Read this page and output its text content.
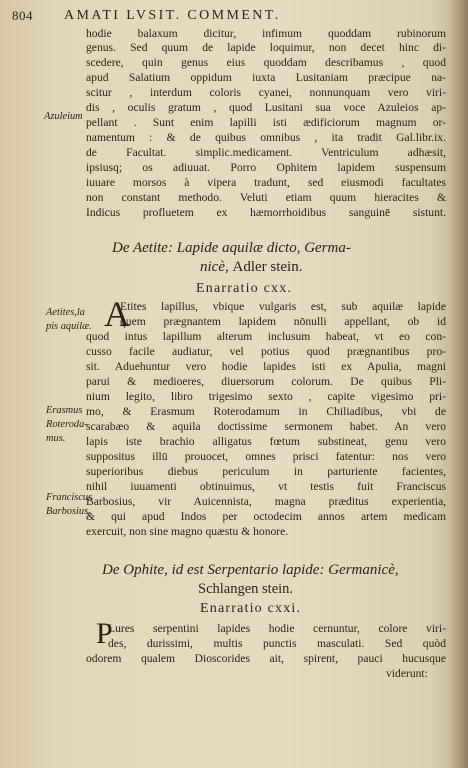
804 AMATI LVSIT. COMMENT.
hodie balaxum dicitur, infimum quoddam rubinorum
genus. Sed quum de lapide loquimur, non decet hinc di-
scedere, quin genus eius quoddam describamus , quod
apud Salatium oppidum iuxta Lusitaniam præcipue na-
scitur , interdum coloris cyanei, nonnunquam vero viri-
dis , oculis gratum , quod Lusitani sua voce Azuleios ap-
pellant . Sunt enim lapilli isti ædificiorum magnum or-
namentum : & de quibus omnibus , ita tradit Gal.libr.ix.
de Facultat. simplic.medicament. Ventriculum adhæsit,
ipsiusq; os adiuuat. Porro Ophitem lapidem suspensum
iuuare morsos à vipera tradunt, sed eiusmodi facultates
non constant methodo. Veluti etiam quum hieracites &
Indicus profluetem ex hæmorrhoidibus sanguinē sistunt.
Azuleium
De Aetite: Lapide aquilæ dicto, Germa-
nicè, Adler stein.
Enarratio cxx.
A
Etites lapillus, vbique vulgaris est, sub aquilæ lapide
quem prægnantem lapidem nōnulli appellant, ob id
quod intus lapillum alterum inclusum habeat, vt eo con-
cusso facile audiatur, vel potius quod prægnantibus pro-
sit. Aduehuntur vero hodie lapides isti ex Apulia, magni
parui & medioeres, diuersorum colorum. De quibus Pli-
nium legito, libro trigesimo sexto , capite vigesimo pri-
mo, & Erasmum Roterodamum in Chiliadibus, vbi de
scarabæo & aquila doctissime sermonem habet. An vero
lapis iste brachio alligatus fœtum substineat, genu vero
suppositus illū prouocet, omnes prisci fatentur: nos vero
superioribus diebus periculum in parturiente facientes,
nihil iuuamenti obtinuimus, vt testis fuit Franciscus
Barbosius, vir Auicennista, magna præditus experientia,
& qui apud Indos per octodecim annos artem medicam
exercuit, non sine magno quæstu & honore.
Aetites,la
pis aquilæ.
Erasmus
Roteroda-
mus.
Franciscus
Barbosius.
De Ophite, id est Serpentario lapide: Germanicè,
Schlangen stein.
Enarratio cxxi.
P
Lures serpentini lapides hodie cernuntur, colore viri-
des, durissimi, multis punctis masculati. Sed quòd
odorem qualem Dioscorides ait, spirent, pauci hucusque
viderunt:
